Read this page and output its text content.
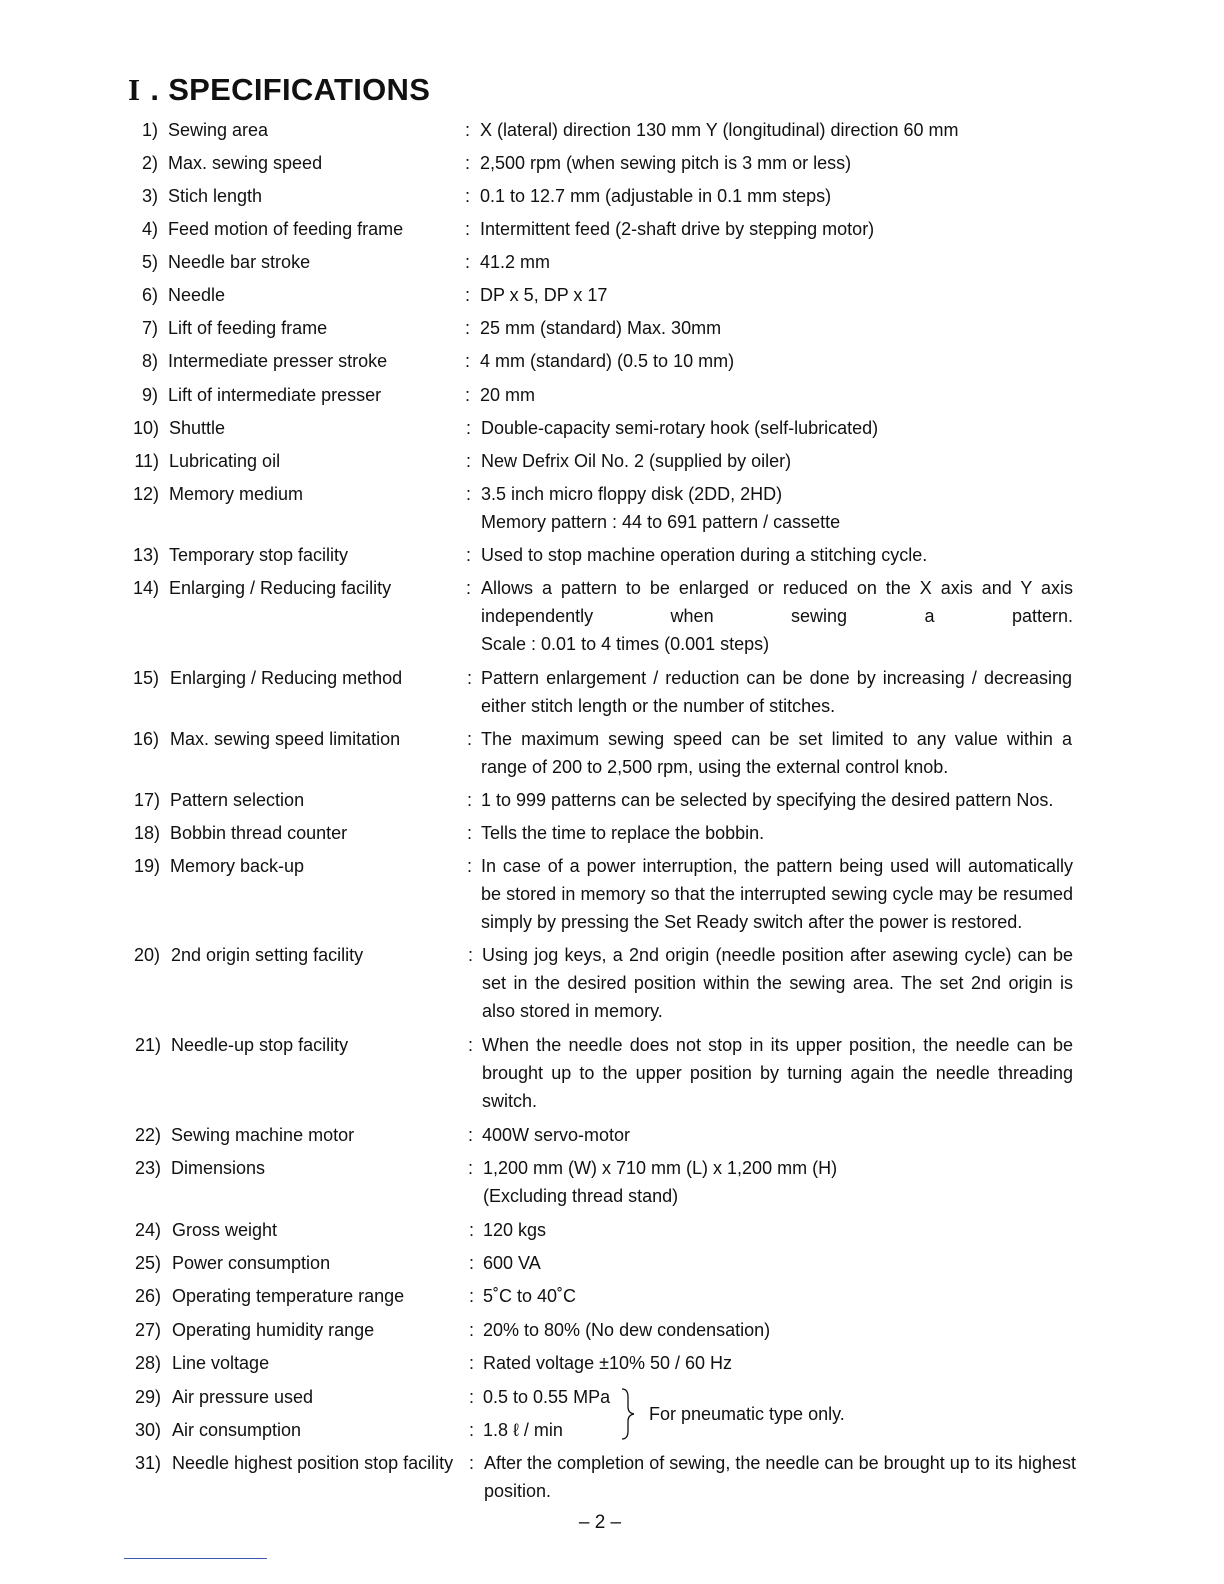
I . SPECIFICATIONS
1) Sewing area	: X (lateral) direction 130 mm Y (longitudinal) direction 60 mm
2) Max. sewing speed	: 2,500 rpm (when sewing pitch is 3 mm or less)
3) Stich length	: 0.1 to 12.7 mm (adjustable in 0.1 mm steps)
4) Feed motion of feeding frame	: Intermittent feed (2-shaft drive by stepping motor)
5) Needle bar stroke	: 41.2 mm
6) Needle	: DP x 5, DP x 17
7) Lift of feeding frame	: 25 mm (standard) Max. 30mm
8) Intermediate presser stroke	: 4 mm (standard) (0.5 to 10 mm)
9) Lift of intermediate presser	: 20 mm
10) Shuttle	: Double-capacity semi-rotary hook (self-lubricated)
11) Lubricating oil	: New Defrix Oil No. 2 (supplied by oiler)
12) Memory medium	: 3.5 inch micro floppy disk (2DD, 2HD)
Memory pattern : 44 to 691 pattern / cassette
13) Temporary stop facility	: Used to stop machine operation during a stitching cycle.
14) Enlarging / Reducing facility	: Allows a pattern to be enlarged or reduced on the X axis and Y axis
independently when sewing a pattern.
Scale : 0.01 to 4 times (0.001 steps)
15) Enlarging / Reducing method	: Pattern enlargement / reduction can be done by increasing / decreasing
either stitch length or the number of stitches.
16) Max. sewing speed limitation	: The maximum sewing speed can be set limited to any value within a
range of 200 to 2,500 rpm, using the external control knob.
17) Pattern selection	: 1 to 999 patterns can be selected by specifying the desired pattern Nos.
18) Bobbin thread counter	: Tells the time to replace the bobbin.
19) Memory back-up	: In case of a power interruption, the pattern being used will automatically
be stored in memory so that the interrupted sewing cycle may be resumed
simply by pressing the Set Ready switch after the power is restored.
20) 2nd origin setting facility	: Using jog keys, a 2nd origin (needle position after asewing cycle) can be
set in the desired position within the sewing area. The set 2nd origin is
also stored in memory.
21) Needle-up stop facility	: When the needle does not stop in its upper position, the needle can be
brought up to the upper position by turning again the needle threading
switch.
22) Sewing machine motor	: 400W servo-motor
23) Dimensions	: 1,200 mm (W) x 710 mm (L) x 1,200 mm (H)
(Excluding thread stand)
24) Gross weight	: 120 kgs
25) Power consumption	: 600 VA
26) Operating temperature range	: 5˚C to 40˚C
27) Operating humidity range	: 20% to 80% (No dew condensation)
28) Line voltage	: Rated voltage ±10% 50 / 60 Hz
29) Air pressure used	: 0.5 to 0.55 MPa
30) Air consumption	: 1.8 ℓ / min
31) Needle highest position stop facility : After the completion of sewing, the needle can be brought up to its highest
position.
For pneumatic type only.
– 2 –
